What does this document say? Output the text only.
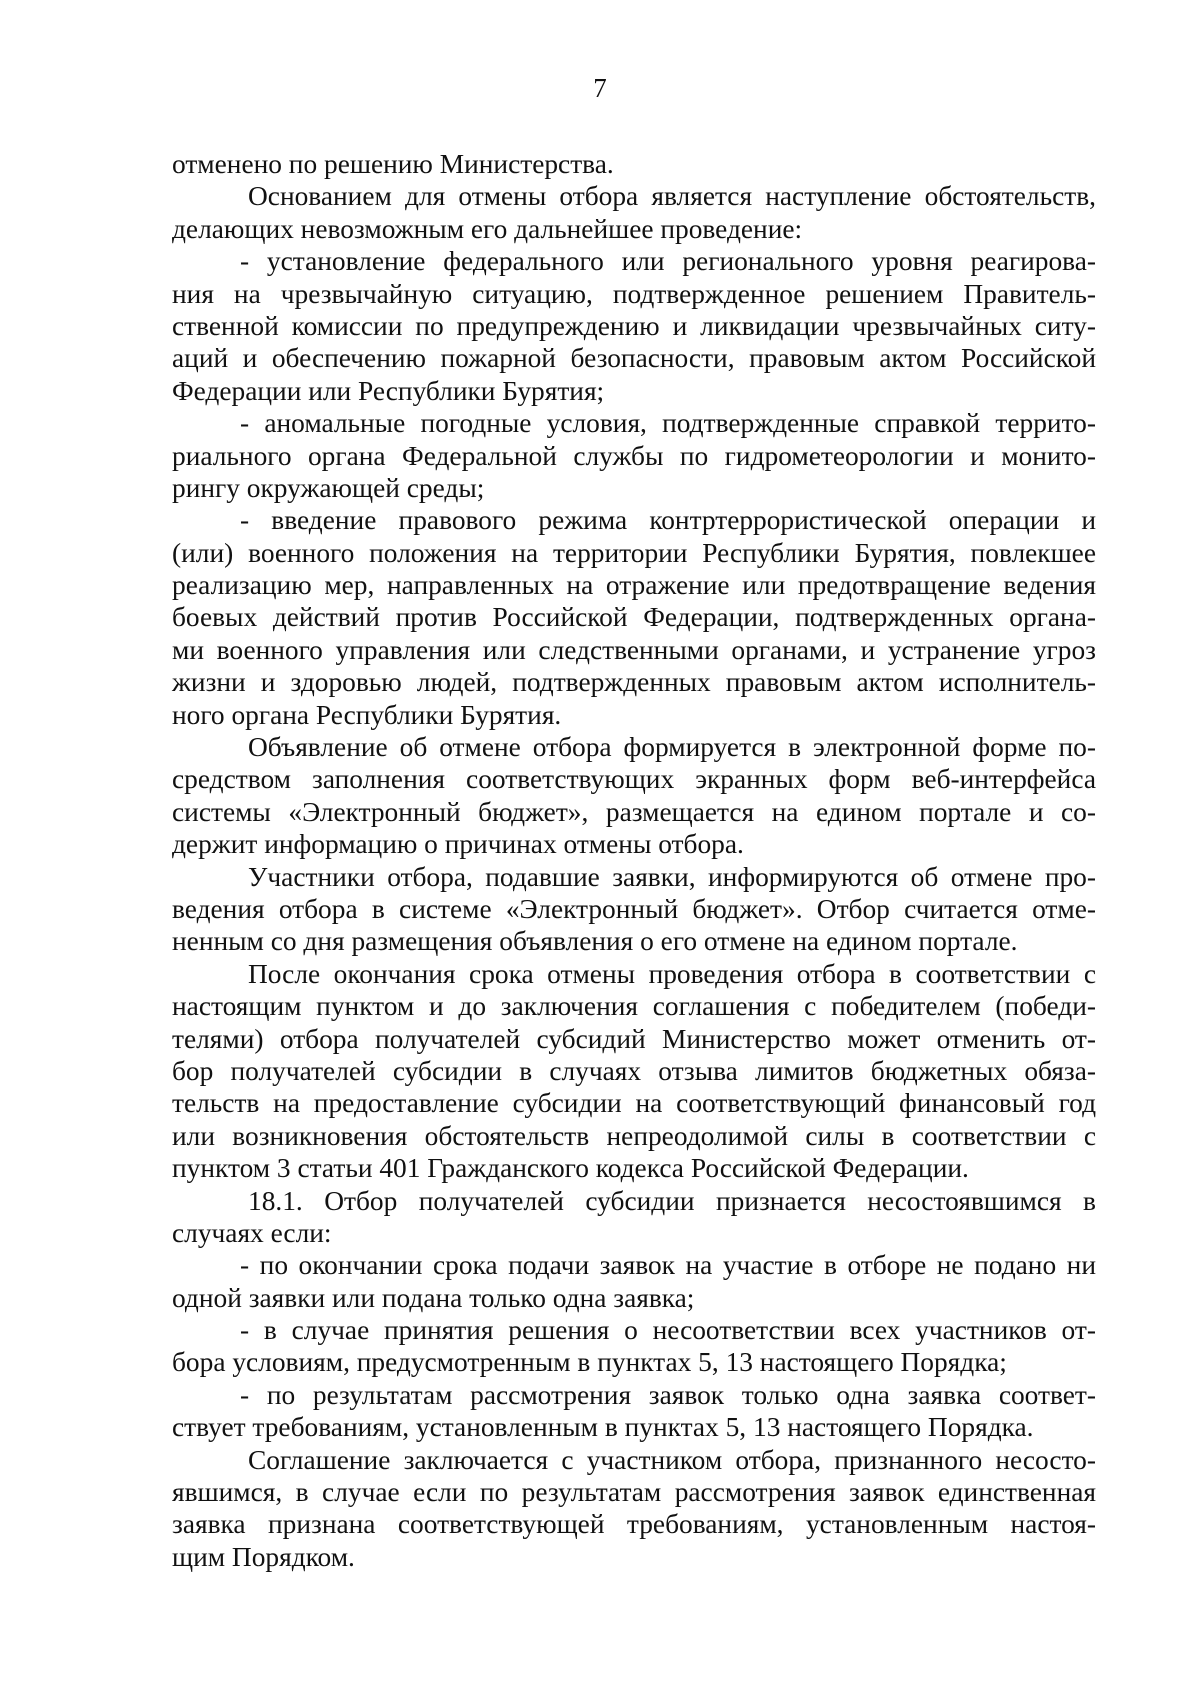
7
отменено по решению Министерства.
Основанием для отмены отбора является наступление обстоятельств,
делающих невозможным его дальнейшее проведение:
- установление федерального или регионального уровня реагирова-
ния на чрезвычайную ситуацию, подтвержденное решением Правитель-
ственной комиссии по предупреждению и ликвидации чрезвычайных ситу-
аций и обеспечению пожарной безопасности, правовым актом Российской
Федерации или Республики Бурятия;
- аномальные погодные условия, подтвержденные справкой террито-
риального органа Федеральной службы по гидрометеорологии и монито-
рингу окружающей среды;
- введение правового режима контртеррористической операции и
(или) военного положения на территории Республики Бурятия, повлекшее
реализацию мер, направленных на отражение или предотвращение ведения
боевых действий против Российской Федерации, подтвержденных органа-
ми военного управления или следственными органами, и устранение угроз
жизни и здоровью людей, подтвержденных правовым актом исполнитель-
ного органа Республики Бурятия.
Объявление об отмене отбора формируется в электронной форме по-
средством заполнения соответствующих экранных форм веб-интерфейса
системы «Электронный бюджет», размещается на едином портале и со-
держит информацию о причинах отмены отбора.
Участники отбора, подавшие заявки, информируются об отмене про-
ведения отбора в системе «Электронный бюджет». Отбор считается отме-
ненным со дня размещения объявления о его отмене на едином портале.
После окончания срока отмены проведения отбора в соответствии с
настоящим пунктом и до заключения соглашения с победителем (победи-
телями) отбора получателей субсидий Министерство может отменить от-
бор получателей субсидии в случаях отзыва лимитов бюджетных обяза-
тельств на предоставление субсидии на соответствующий финансовый год
или возникновения обстоятельств непреодолимой силы в соответствии с
пунктом 3 статьи 401 Гражданского кодекса Российской Федерации.
18.1. Отбор получателей субсидии признается несостоявшимся в
случаях если:
- по окончании срока подачи заявок на участие в отборе не подано ни
одной заявки или подана только одна заявка;
- в случае принятия решения о несоответствии всех участников от-
бора условиям, предусмотренным в пунктах 5, 13 настоящего Порядка;
- по результатам рассмотрения заявок только одна заявка соответ-
ствует требованиям, установленным в пунктах 5, 13 настоящего Порядка.
Соглашение заключается с участником отбора, признанного несосто-
явшимся, в случае если по результатам рассмотрения заявок единственная
заявка признана соответствующей требованиям, установленным настоя-
щим Порядком.
